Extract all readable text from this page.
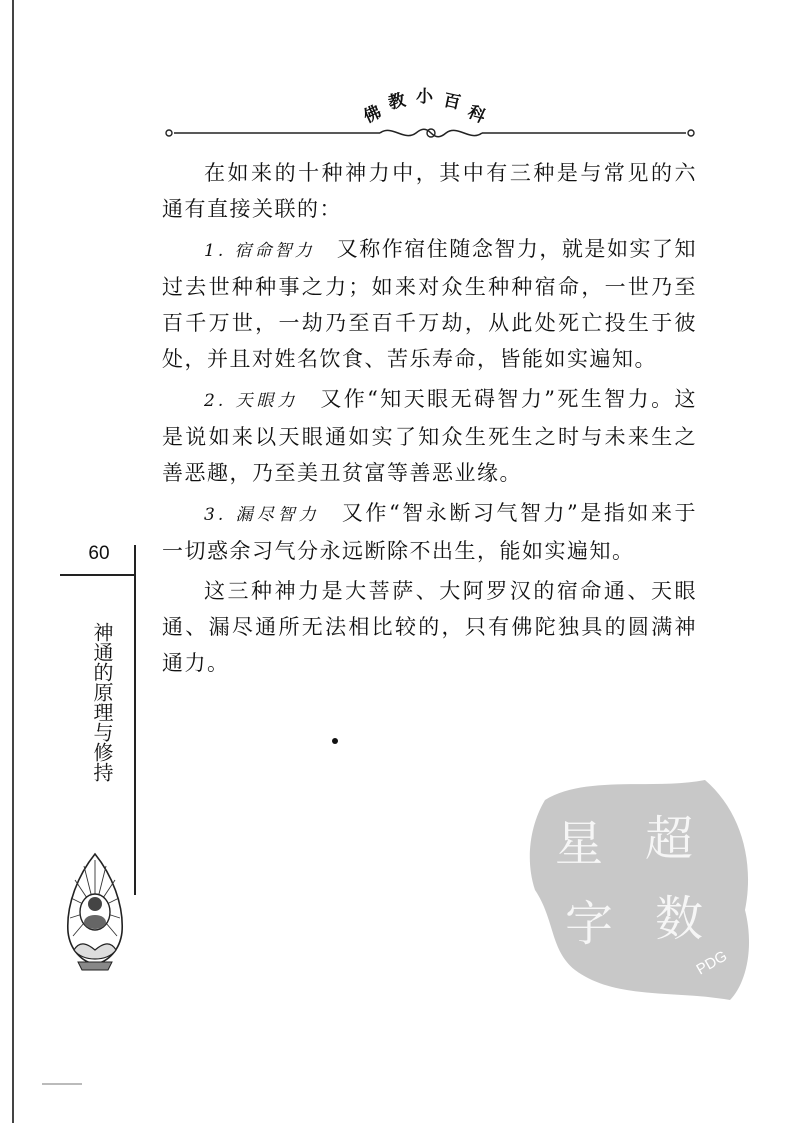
佛
教 小 百
科

在如来的十种神力中，其中有三种是与常见的六通有直接关联的：

1. 宿命智力 又称作宿住随念智力，就是如实了知过去世种种事之力；如来对众生种种宿命，一世乃至百千万世，一劫乃至百千万劫，从此处死亡投生于彼处，并且对姓名饮食、苦乐寿命，皆能如实遍知。

2. 天眼力 又作“知天眼无碍智力”死生智力。这是说如来以天眼通如实了知众生死生之时与未来生之善恶趣，乃至美丑贫富等善恶业缘。

3. 漏尽智力 又作“智永断习气智力”是指如来于一切惑余习气分永远断除不出生，能如实遍知。

这三种神力是大菩萨、大阿罗汉的宿命通、天眼通、漏尽通所无法相比较的，只有佛陀独具的圆满神通力。

60
神通的原理与修持
超
星
数
字
PDG
